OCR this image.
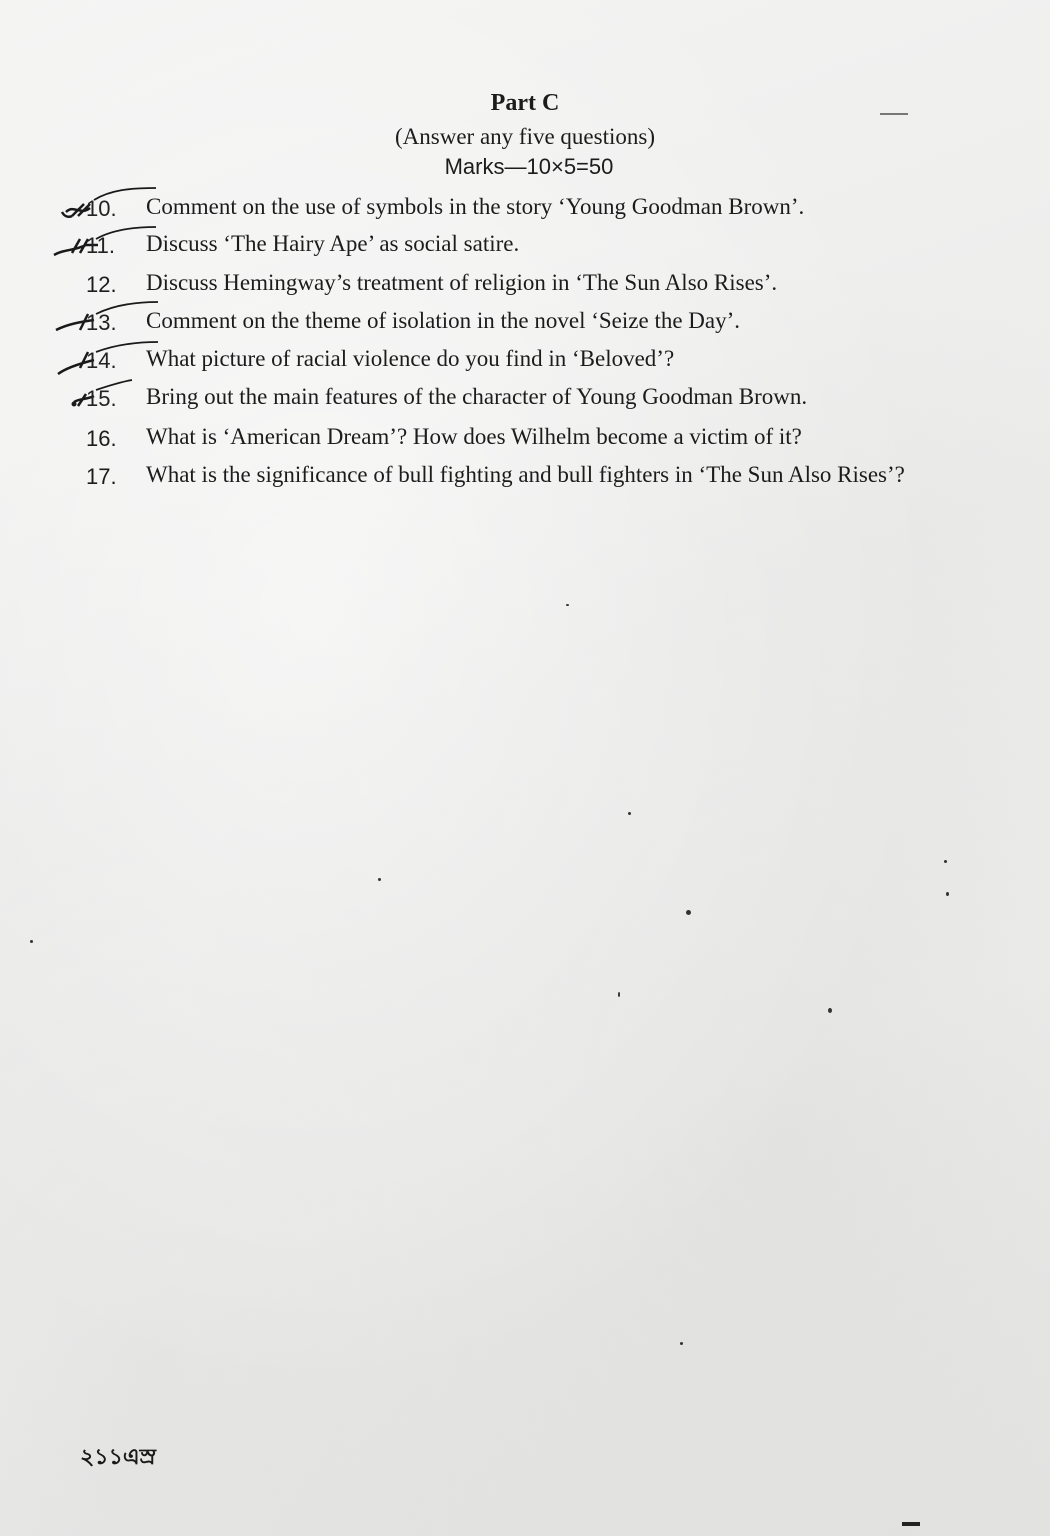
Part C
(Answer any five questions)
Marks—10×5=50
10.	Comment on the use of symbols in the story ‘Young Goodman Brown’.
11.	Discuss ‘The Hairy Ape’ as social satire.
12.	Discuss Hemingway’s treatment of religion in ‘The Sun Also Rises’.
13.	Comment on the theme of isolation in the novel ‘Seize the Day’.
14.	What picture of racial violence do you find in ‘Beloved’?
15.	Bring out the main features of the character of Young Goodman Brown.
16.	What is ‘American Dream’? How does Wilhelm become a victim of it?
17.	What is the significance of bull fighting and bull fighters in ‘The Sun Also Rises’?
২১১এস্র
